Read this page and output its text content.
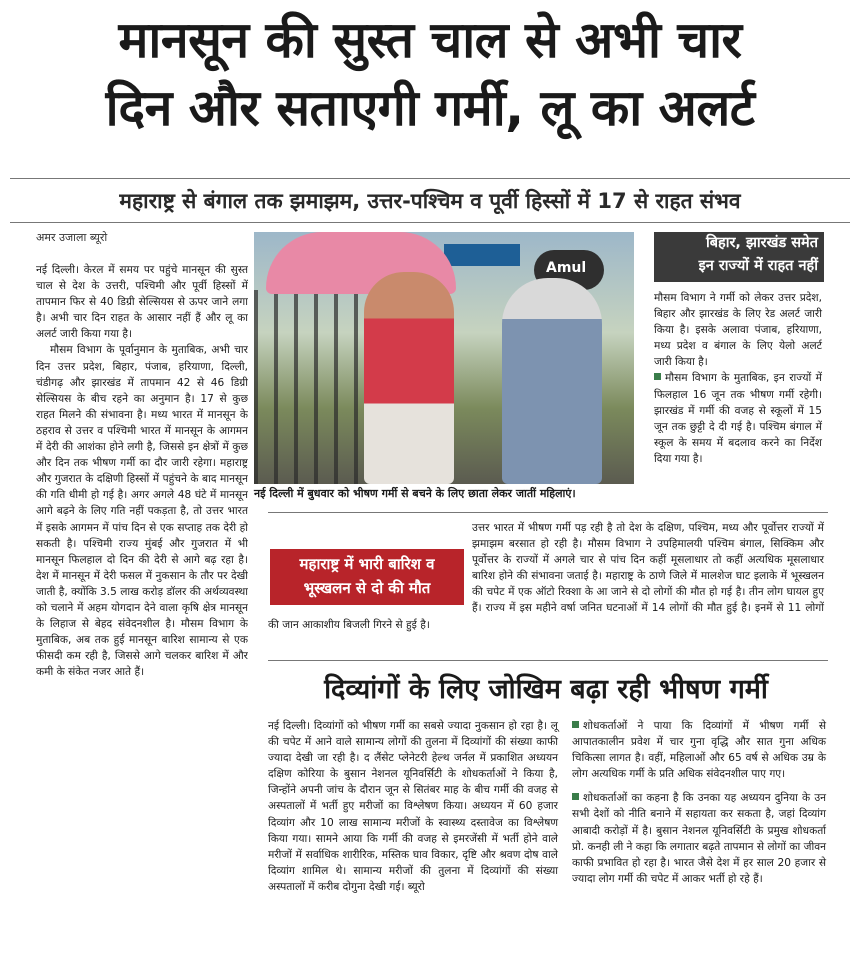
मानसून की सुस्त चाल से अभी चार
दिन और सताएगी गर्मी, लू का अलर्ट
महाराष्ट्र से बंगाल तक झमाझम, उत्तर-पश्चिम व पूर्वी हिस्सों में 17 से राहत संभव
अमर उजाला ब्यूरो

नई दिल्ली। केरल में समय पर पहुंचे मानसून की सुस्त चाल से देश के उत्तरी, पश्चिमी और पूर्वी हिस्सों में तापमान फिर से 40 डिग्री सेल्सियस से ऊपर जाने लगा है। अभी चार दिन राहत के आसार नहीं हैं और लू का अलर्ट जारी किया गया है।

मौसम विभाग के पूर्वानुमान के मुताबिक, अभी चार दिन उत्तर प्रदेश, बिहार, पंजाब, हरियाणा, दिल्ली, चंडीगढ़ और झारखंड में तापमान 42 से 46 डिग्री सेल्सियस के बीच रहने का अनुमान है। 17 से कुछ राहत मिलने की संभावना है। मध्य भारत में मानसून के ठहराव से उत्तर व पश्चिमी भारत में मानसून के आगमन में देरी की आशंका होने लगी है, जिससे इन क्षेत्रों में कुछ और दिन तक भीषण गर्मी का दौर जारी रहेगा। महाराष्ट्र और गुजरात के दक्षिणी हिस्सों में पहुंचने के बाद मानसून की गति धीमी हो गई है। अगर अगले 48 घंटे में मानसून आगे बढ़ने के लिए गति नहीं पकड़ता है, तो उत्तर भारत में इसके आगमन में पांच दिन से एक सप्ताह तक देरी हो सकती है। पश्चिमी राज्य मुंबई और गुजरात में भी मानसून फिलहाल दो दिन की देरी से आगे बढ़ रहा है। देश में मानसून में देरी फसल में नुकसान के तौर पर देखी जाती है, क्योंकि 3.5 लाख करोड़ डॉलर की अर्थव्यवस्था को चलाने में अहम योगदान देने वाला कृषि क्षेत्र मानसून के लिहाज से बेहद संवेदनशील है। मौसम विभाग के मुताबिक, अब तक हुई मानसून बारिश सामान्य से एक फीसदी कम रही है, जिससे आगे चलकर बारिश में और कमी के संकेत नजर आते हैं।

Amul
नई दिल्ली में बुधवार को भीषण गर्मी से बचने के लिए छाता लेकर जातीं महिलाएं।
बिहार, झारखंड समेत
इन राज्यों में राहत नहीं

मौसम विभाग ने गर्मी को लेकर उत्तर प्रदेश, बिहार और झारखंड के लिए रेड अलर्ट जारी किया है। इसके अलावा पंजाब, हरियाणा, मध्य प्रदेश व बंगाल के लिए येलो अलर्ट जारी किया है।

मौसम विभाग के मुताबिक, इन राज्यों में फिलहाल 16 जून तक भीषण गर्मी रहेगी। झारखंड में गर्मी की वजह से स्कूलों में 15 जून तक छुट्टी दे दी गई है। पश्चिम बंगाल में स्कूल के समय में बदलाव करने का निर्देश दिया गया है।

उत्तर भारत में भीषण गर्मी पड़ रही है तो देश के दक्षिण, पश्चिम, मध्य और पूर्वोत्तर राज्यों में झमाझम बरसात हो रही है। मौसम विभाग ने उपहिमालयी पश्चिम बंगाल, सिक्किम और पूर्वोत्तर के राज्यों में अगले चार से पांच दिन कहीं मूसलाधार तो कहीं अत्यधिक मूसलाधार बारिश होने की संभावना जताई है। महाराष्ट्र के ठाणे जिले में मालशेज घाट इलाके में भूस्खलन की चपेट में एक ऑटो रिक्शा के आ जाने से दो लोगों की मौत हो गई है। तीन लोग घायल हुए हैं। राज्य में इस महीने वर्षा जनित घटनाओं में 14 लोगों की मौत हुई है। इनमें से 11 लोगों की जान आकाशीय बिजली गिरने से हुई है।
महाराष्ट्र में भारी बारिश व
भूस्खलन से दो की मौत
दिव्यांगों के लिए जोखिम बढ़ा रही भीषण गर्मी
नई दिल्ली। दिव्यांगों को भीषण गर्मी का सबसे ज्यादा नुकसान हो रहा है। लू की चपेट में आने वाले सामान्य लोगों की तुलना में दिव्यांगों की संख्या काफी ज्यादा देखी जा रही है। द लैंसेट प्लेनेटरी हेल्थ जर्नल में प्रकाशित अध्ययन दक्षिण कोरिया के बुसान नेशनल यूनिवर्सिटी के शोधकर्ताओं ने किया है, जिन्होंने अपनी जांच के दौरान जून से सितंबर माह के बीच गर्मी की वजह से अस्पतालों में भर्ती हुए मरीजों का विश्लेषण किया। अध्ययन में 60 हजार दिव्यांग और 10 लाख सामान्य मरीजों के स्वास्थ्य दस्तावेज का विश्लेषण किया गया। सामने आया कि गर्मी की वजह से इमरजेंसी में भर्ती होने वाले मरीजों में सर्वाधिक शारीरिक, मस्तिक घाव विकार, दृष्टि और श्रवण दोष वाले दिव्यांग शामिल थे। सामान्य मरीजों की तुलना में दिव्यांगों की संख्या अस्पतालों में करीब दोगुना देखी गई। ब्यूरो

शोधकर्ताओं ने पाया कि दिव्यांगों में भीषण गर्मी से आपातकालीन प्रवेश में चार गुना वृद्धि और सात गुना अधिक चिकित्सा लागत है। वहीं, महिलाओं और 65 वर्ष से अधिक उम्र के लोग अत्यधिक गर्मी के प्रति अधिक संवेदनशील पाए गए।

शोधकर्ताओं का कहना है कि उनका यह अध्ययन दुनिया के उन सभी देशों को नीति बनाने में सहायता कर सकता है, जहां दिव्यांग आबादी करोड़ों में है। बुसान नेशनल यूनिवर्सिटी के प्रमुख शोधकर्ता प्रो. कनही ली ने कहा कि लगातार बढ़ते तापमान से लोगों का जीवन काफी प्रभावित हो रहा है। भारत जैसे देश में हर साल 20 हजार से ज्यादा लोग गर्मी की चपेट में आकर भर्ती हो रहे हैं।
